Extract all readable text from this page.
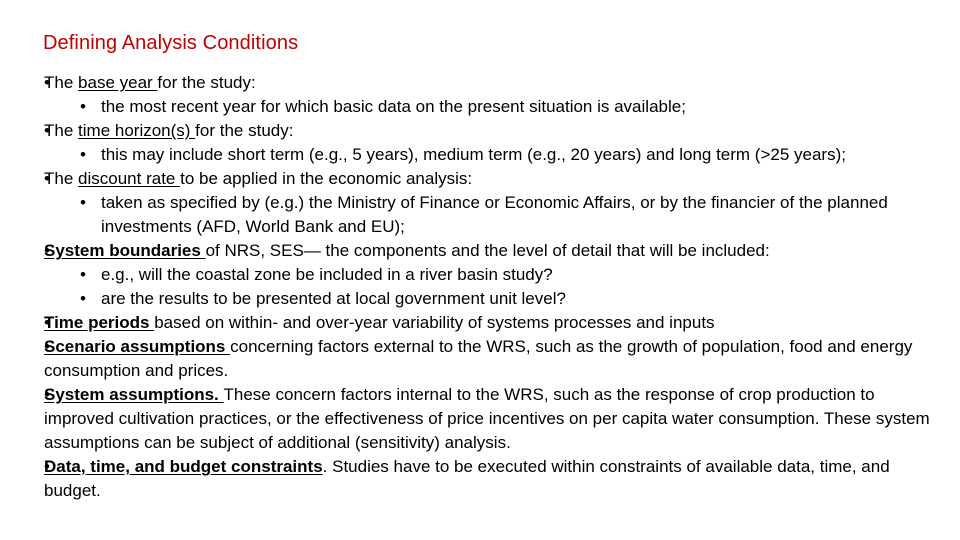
Defining Analysis Conditions
• The base year for the study:
• the most recent year for which basic data on the present situation is available;
• The time horizon(s) for the study:
• this may include short term (e.g., 5 years), medium term (e.g., 20 years) and long term (>25 years);
• The discount rate to be applied in the economic analysis:
• taken as specified by (e.g.) the Ministry of Finance or Economic Affairs, or by the financier of the planned investments (AFD, World Bank and EU);
• System boundaries of NRS, SES— the components and the level of detail that will be included:
• e.g., will the coastal zone be included in a river basin study?
• are the results to be presented at local government unit level?
• Time periods based on within- and over-year variability of systems processes and inputs
• Scenario assumptions concerning factors external to the WRS, such as the growth of population, food and energy consumption and prices.
• System assumptions. These concern factors internal to the WRS, such as the response of crop production to improved cultivation practices, or the effectiveness of price incentives on per capita water consumption. These system assumptions can be subject of additional (sensitivity) analysis.
• Data, time, and budget constraints. Studies have to be executed within constraints of available data, time, and budget.
